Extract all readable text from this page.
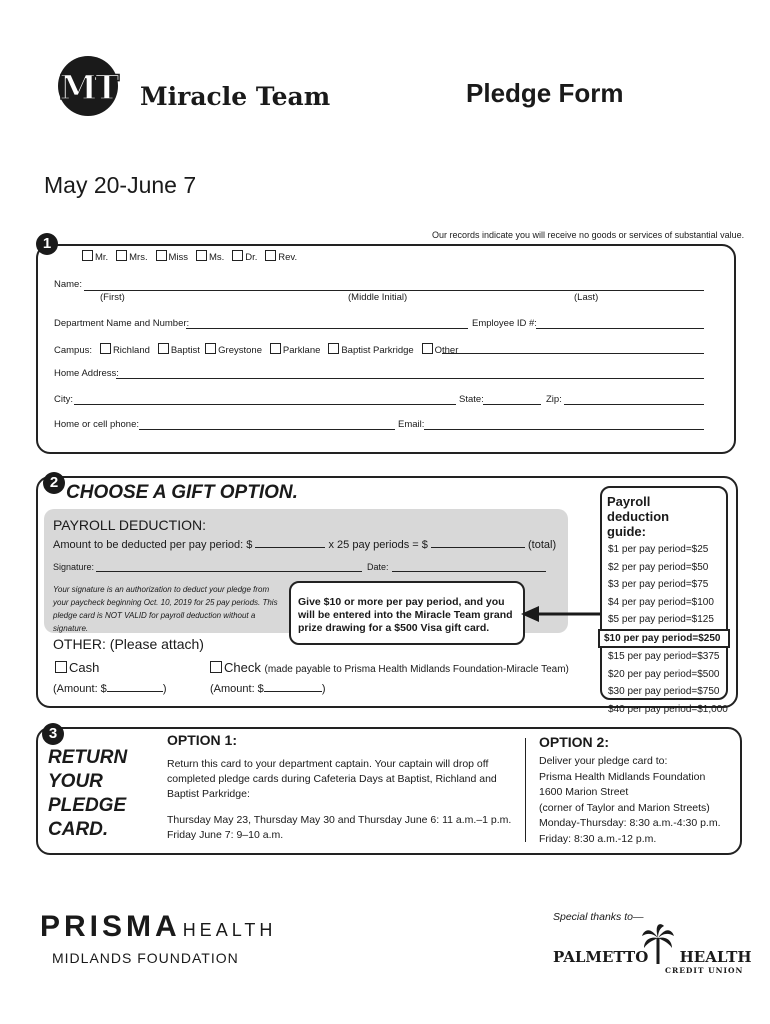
MT Miracle Team	Pledge Form
May 20-June 7
Our records indicate you will receive no goods or services of substantial value.
1
Mr. Mrs. Miss Ms. Dr. Rev.
Name:
(First)	(Middle Initial)	(Last)
Department Name and Number:	Employee ID #:
Campus: Richland Baptist Greystone Parklane Baptist Parkridge Other
Home Address:
City:	State:	Zip:
Home or cell phone:	Email:
2 CHOOSE A GIFT OPTION.
PAYROLL DEDUCTION:
Amount to be deducted per pay period: $	x 25 pay periods = $	(total)
Signature:	Date:
Your signature is an authorization to deduct your pledge from your paycheck beginning Oct. 10, 2019 for 25 pay periods. This pledge card is NOT VALID for payroll deduction without a signature.
Give $10 or more per pay period, and you will be entered into the Miracle Team grand prize drawing for a $500 Visa gift card.
OTHER: (Please attach)
Cash	Check (made payable to Prisma Health Midlands Foundation-Miracle Team)
(Amount: $	)	(Amount: $	)
Payroll deduction guide:
$1 per pay period=$25
$2 per pay period=$50
$3 per pay period=$75
$4 per pay period=$100
$5 per pay period=$125
$10 per pay period=$250
$15 per pay period=$375
$20 per pay period=$500
$30 per pay period=$750
$40 per pay period=$1,000
3
RETURN
YOUR
PLEDGE
CARD.
OPTION 1:
Return this card to your department captain. Your captain will drop off completed pledge cards during Cafeteria Days at Baptist, Richland and Baptist Parkridge:
Thursday May 23, Thursday May 30 and Thursday June 6: 11 a.m.–1 p.m. Friday June 7: 9–10 a.m.
OPTION 2:
Deliver your pledge card to:
Prisma Health Midlands Foundation
1600 Marion Street
(corner of Taylor and Marion Streets)
Monday-Thursday: 8:30 a.m.-4:30 p.m.
Friday: 8:30 a.m.-12 p.m.
PRISMA HEALTH
MIDLANDS FOUNDATION
Special thanks to—
PALMETTO HEALTH
CREDIT UNION
